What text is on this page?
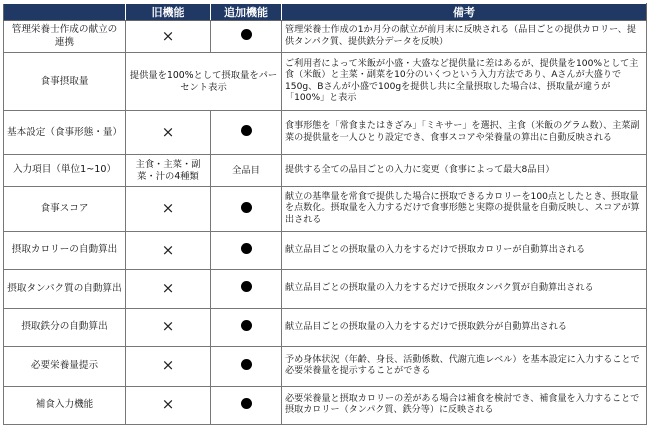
	旧機能	追加機能	備考
管理栄養士作成の献立の連携	×		管理栄養士作成の1か月分の献立が前月末に反映される（品目ごとの提供カロリー、提供タンパク質、提供鉄分データを反映）
食事摂取量	提供量を100%として摂取量をパーセント表示		ご利用者によって米飯が小盛・大盛など提供量に差はあるが、提供量を100%として主食（米飯）と主菜・副菜を10分のいくつという入力方法であり、Aさんが大盛りで150g、Bさんが小盛で100gを提供し共に全量摂取した場合は、摂取量が違うが「100%」と表示
基本設定（食事形態・量）	×		食事形態を「常食またはきざみ」「ミキサー」を選択、主食（米飯のグラム数）、主菜副菜の提供量を一人ひとり設定でき、食事スコアや栄養量の算出に自動反映される
入力項目（単位1~10）	主食・主菜・副菜・汁の4種類	全品目	提供する全ての品目ごとの入力に変更（食事によって最大8品目）
食事スコア	×		献立の基準量を常食で提供した場合に摂取できるカロリーを100点としたとき、摂取量を点数化。摂取量を入力するだけで食事形態と実際の提供量を自動反映し、スコアが算出される
摂取カロリーの自動算出	×		献立品目ごとの摂取量の入力をするだけで摂取カロリーが自動算出される
摂取タンパク質の自動算出	×		献立品目ごとの摂取量の入力をするだけで摂取タンパク質が自動算出される
摂取鉄分の自動算出	×		献立品目ごとの摂取量の入力をするだけで摂取鉄分が自動算出される
必要栄養量提示	×		予め身体状況（年齢、身長、活動係数、代謝亢進レベル）を基本設定に入力することで必要栄養量を提示することができる
補食入力機能	×		必要栄養量と摂取カロリーの差がある場合は補食を検討でき、補食量を入力することで摂取カロリー（タンパク質、鉄分等）に反映される
